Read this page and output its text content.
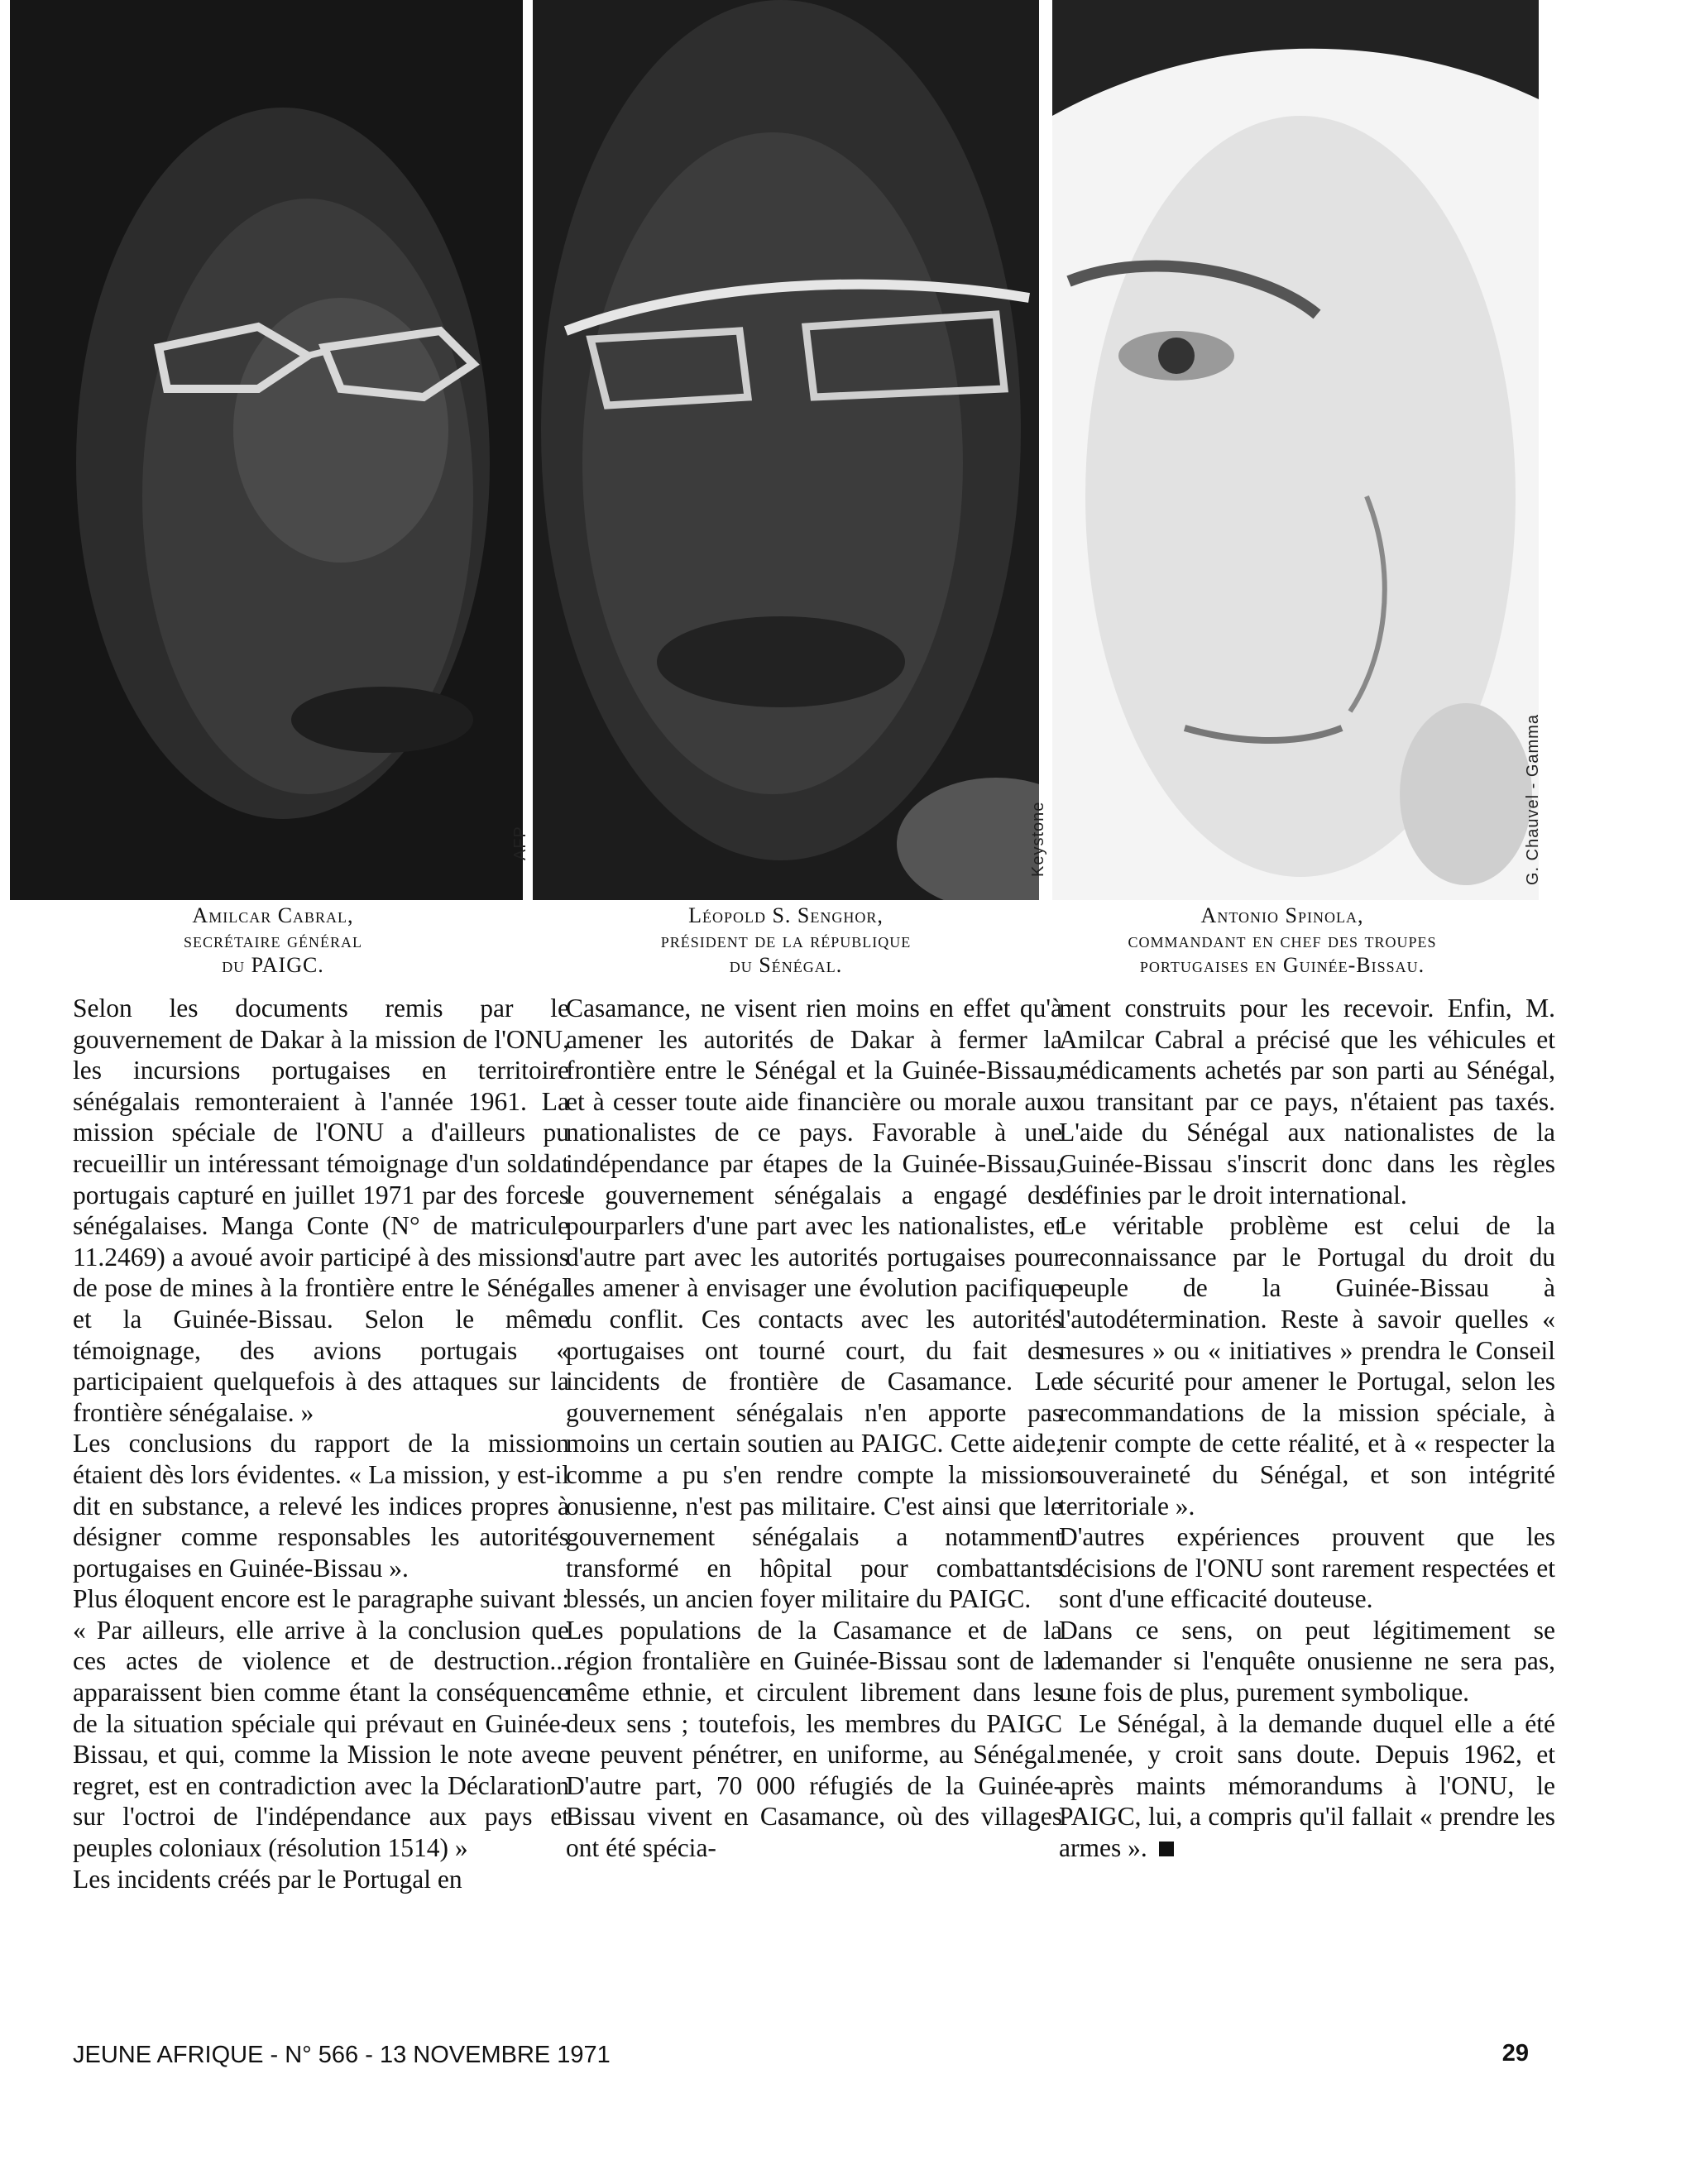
AFP	Keystone	G. Chauvel - Gamma
Amilcar Cabral,
secrétaire général
du PAIGC.
Léopold S. Senghor,
président de la république
du Sénégal.
Antonio Spinola,
commandant en chef des troupes
portugaises en Guinée-Bissau.

Selon les documents remis par le gouvernement de Dakar à la mission de l'ONU, les incursions portugaises en territoire sénégalais remonteraient à l'année 1961. La mission spéciale de l'ONU a d'ailleurs pu recueillir un intéressant témoignage d'un soldat portugais capturé en juillet 1971 par des forces sénégalaises. Manga Conte (N° de matricule 11.2469) a avoué avoir participé à des missions de pose de mines à la frontière entre le Sénégal et la Guinée-Bissau. Selon le même témoignage, des avions portugais « participaient quelquefois à des attaques sur la frontière sénégalaise. »

Les conclusions du rapport de la mission étaient dès lors évidentes. « La mission, y est-il dit en substance, a relevé les indices propres à désigner comme responsables les autorités portugaises en Guinée-Bissau ».

Plus éloquent encore est le paragraphe suivant : « Par ailleurs, elle arrive à la conclusion que ces actes de violence et de destruction... apparaissent bien comme étant la conséquence de la situation spéciale qui prévaut en Guinée-Bissau, et qui, comme la Mission le note avec regret, est en contradiction avec la Déclaration sur l'octroi de l'indépendance aux pays et peuples coloniaux (résolution 1514) »

Les incidents créés par le Portugal en

Casamance, ne visent rien moins en effet qu'à amener les autorités de Dakar à fermer la frontière entre le Sénégal et la Guinée-Bissau, et à cesser toute aide financière ou morale aux nationalistes de ce pays. Favorable à une indépendance par étapes de la Guinée-Bissau, le gouvernement sénégalais a engagé des pourparlers d'une part avec les nationalistes, et d'autre part avec les autorités portugaises pour les amener à envisager une évolution pacifique du conflit. Ces contacts avec les autorités portugaises ont tourné court, du fait des incidents de frontière de Casamance. Le gouvernement sénégalais n'en apporte pas moins un certain soutien au PAIGC. Cette aide, comme a pu s'en rendre compte la mission onusienne, n'est pas militaire. C'est ainsi que le gouvernement sénégalais a notamment transformé en hôpital pour combattants blessés, un ancien foyer militaire du PAIGC.

Les populations de la Casamance et de la région frontalière en Guinée-Bissau sont de la même ethnie, et circulent librement dans les deux sens ; toutefois, les membres du PAIGC ne peuvent pénétrer, en uniforme, au Sénégal. D'autre part, 70 000 réfugiés de la Guinée-Bissau vivent en Casamance, où des villages ont été spécia-

ment construits pour les recevoir. Enfin, M. Amilcar Cabral a précisé que les véhicules et médicaments achetés par son parti au Sénégal, ou transitant par ce pays, n'étaient pas taxés. L'aide du Sénégal aux nationalistes de la Guinée-Bissau s'inscrit donc dans les règles définies par le droit international.

Le véritable problème est celui de la reconnaissance par le Portugal du droit du peuple de la Guinée-Bissau à l'autodétermination. Reste à savoir quelles « mesures » ou « initiatives » prendra le Conseil de sécurité pour amener le Portugal, selon les recommandations de la mission spéciale, à tenir compte de cette réalité, et à « respecter la souveraineté du Sénégal, et son intégrité territoriale ».

D'autres expériences prouvent que les décisions de l'ONU sont rarement respectées et sont d'une efficacité douteuse.

Dans ce sens, on peut légitimement se demander si l'enquête onusienne ne sera pas, une fois de plus, purement symbolique.

Le Sénégal, à la demande duquel elle a été menée, y croit sans doute. Depuis 1962, et après maints mémorandums à l'ONU, le PAIGC, lui, a compris qu'il fallait « prendre les armes ».

JEUNE AFRIQUE - N° 566 - 13 NOVEMBRE 1971	29
